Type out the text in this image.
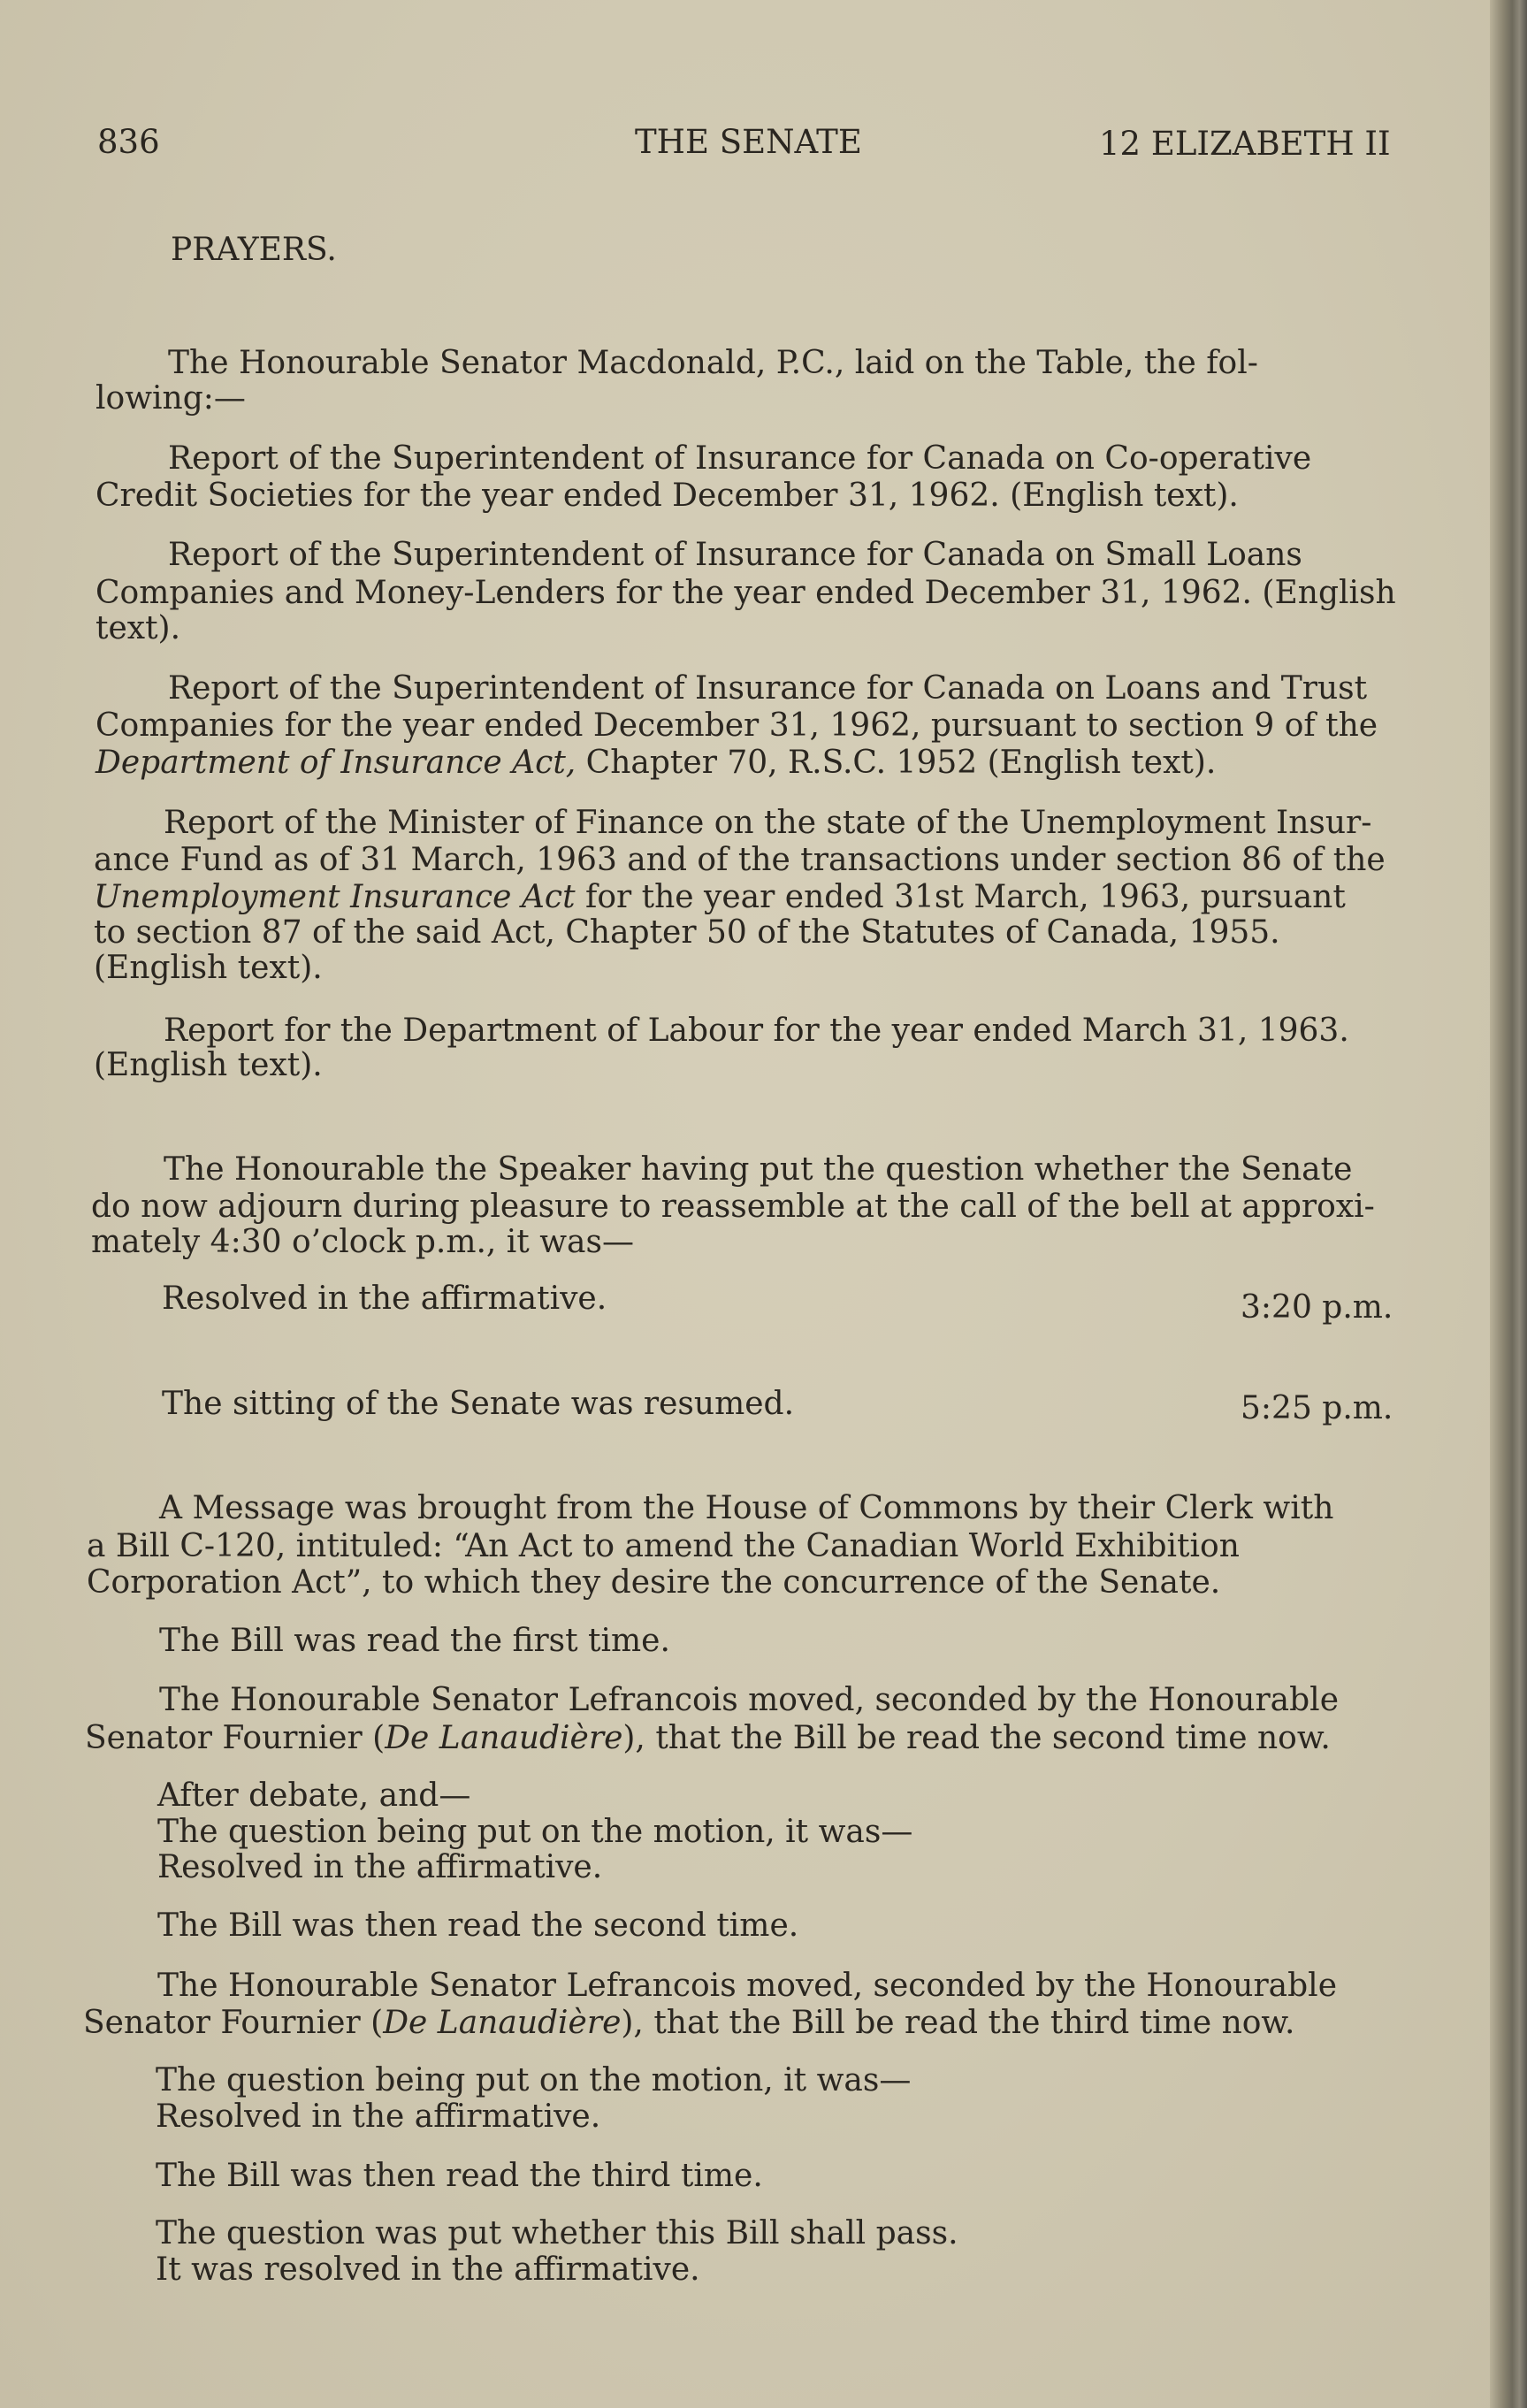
836	THE SENATE	12 ELIZABETH II

PRAYERS.

The Honourable Senator Macdonald, P.C., laid on the Table, the fol-

lowing:—

Report of the Superintendent of Insurance for Canada on Co-operative

Credit Societies for the year ended December 31, 1962. (English text).

Report of the Superintendent of Insurance for Canada on Small Loans

Companies and Money-Lenders for the year ended December 31, 1962. (English

text).

Report of the Superintendent of Insurance for Canada on Loans and Trust

Companies for the year ended December 31, 1962, pursuant to section 9 of the

Department of Insurance Act, Chapter 70, R.S.C. 1952 (English text).

Report of the Minister of Finance on the state of the Unemployment Insur-

ance Fund as of 31 March, 1963 and of the transactions under section 86 of the

Unemployment Insurance Act for the year ended 31st March, 1963, pursuant

to section 87 of the said Act, Chapter 50 of the Statutes of Canada, 1955.

(English text).

Report for the Department of Labour for the year ended March 31, 1963.

(English text).

The Honourable the Speaker having put the question whether the Senate

do now adjourn during pleasure to reassemble at the call of the bell at approxi-

mately 4:30 o’clock p.m., it was—

Resolved in the affirmative.	3:20 p.m.

The sitting of the Senate was resumed.	5:25 p.m.

A Message was brought from the House of Commons by their Clerk with

a Bill C-120, intituled: “An Act to amend the Canadian World Exhibition

Corporation Act”, to which they desire the concurrence of the Senate.

The Bill was read the first time.

The Honourable Senator Lefrancois moved, seconded by the Honourable

Senator Fournier (De Lanaudière), that the Bill be read the second time now.

After debate, and—

The question being put on the motion, it was—

Resolved in the affirmative.

The Bill was then read the second time.

The Honourable Senator Lefrancois moved, seconded by the Honourable

Senator Fournier (De Lanaudière), that the Bill be read the third time now.

The question being put on the motion, it was—

Resolved in the affirmative.

The Bill was then read the third time.

The question was put whether this Bill shall pass.

It was resolved in the affirmative.
